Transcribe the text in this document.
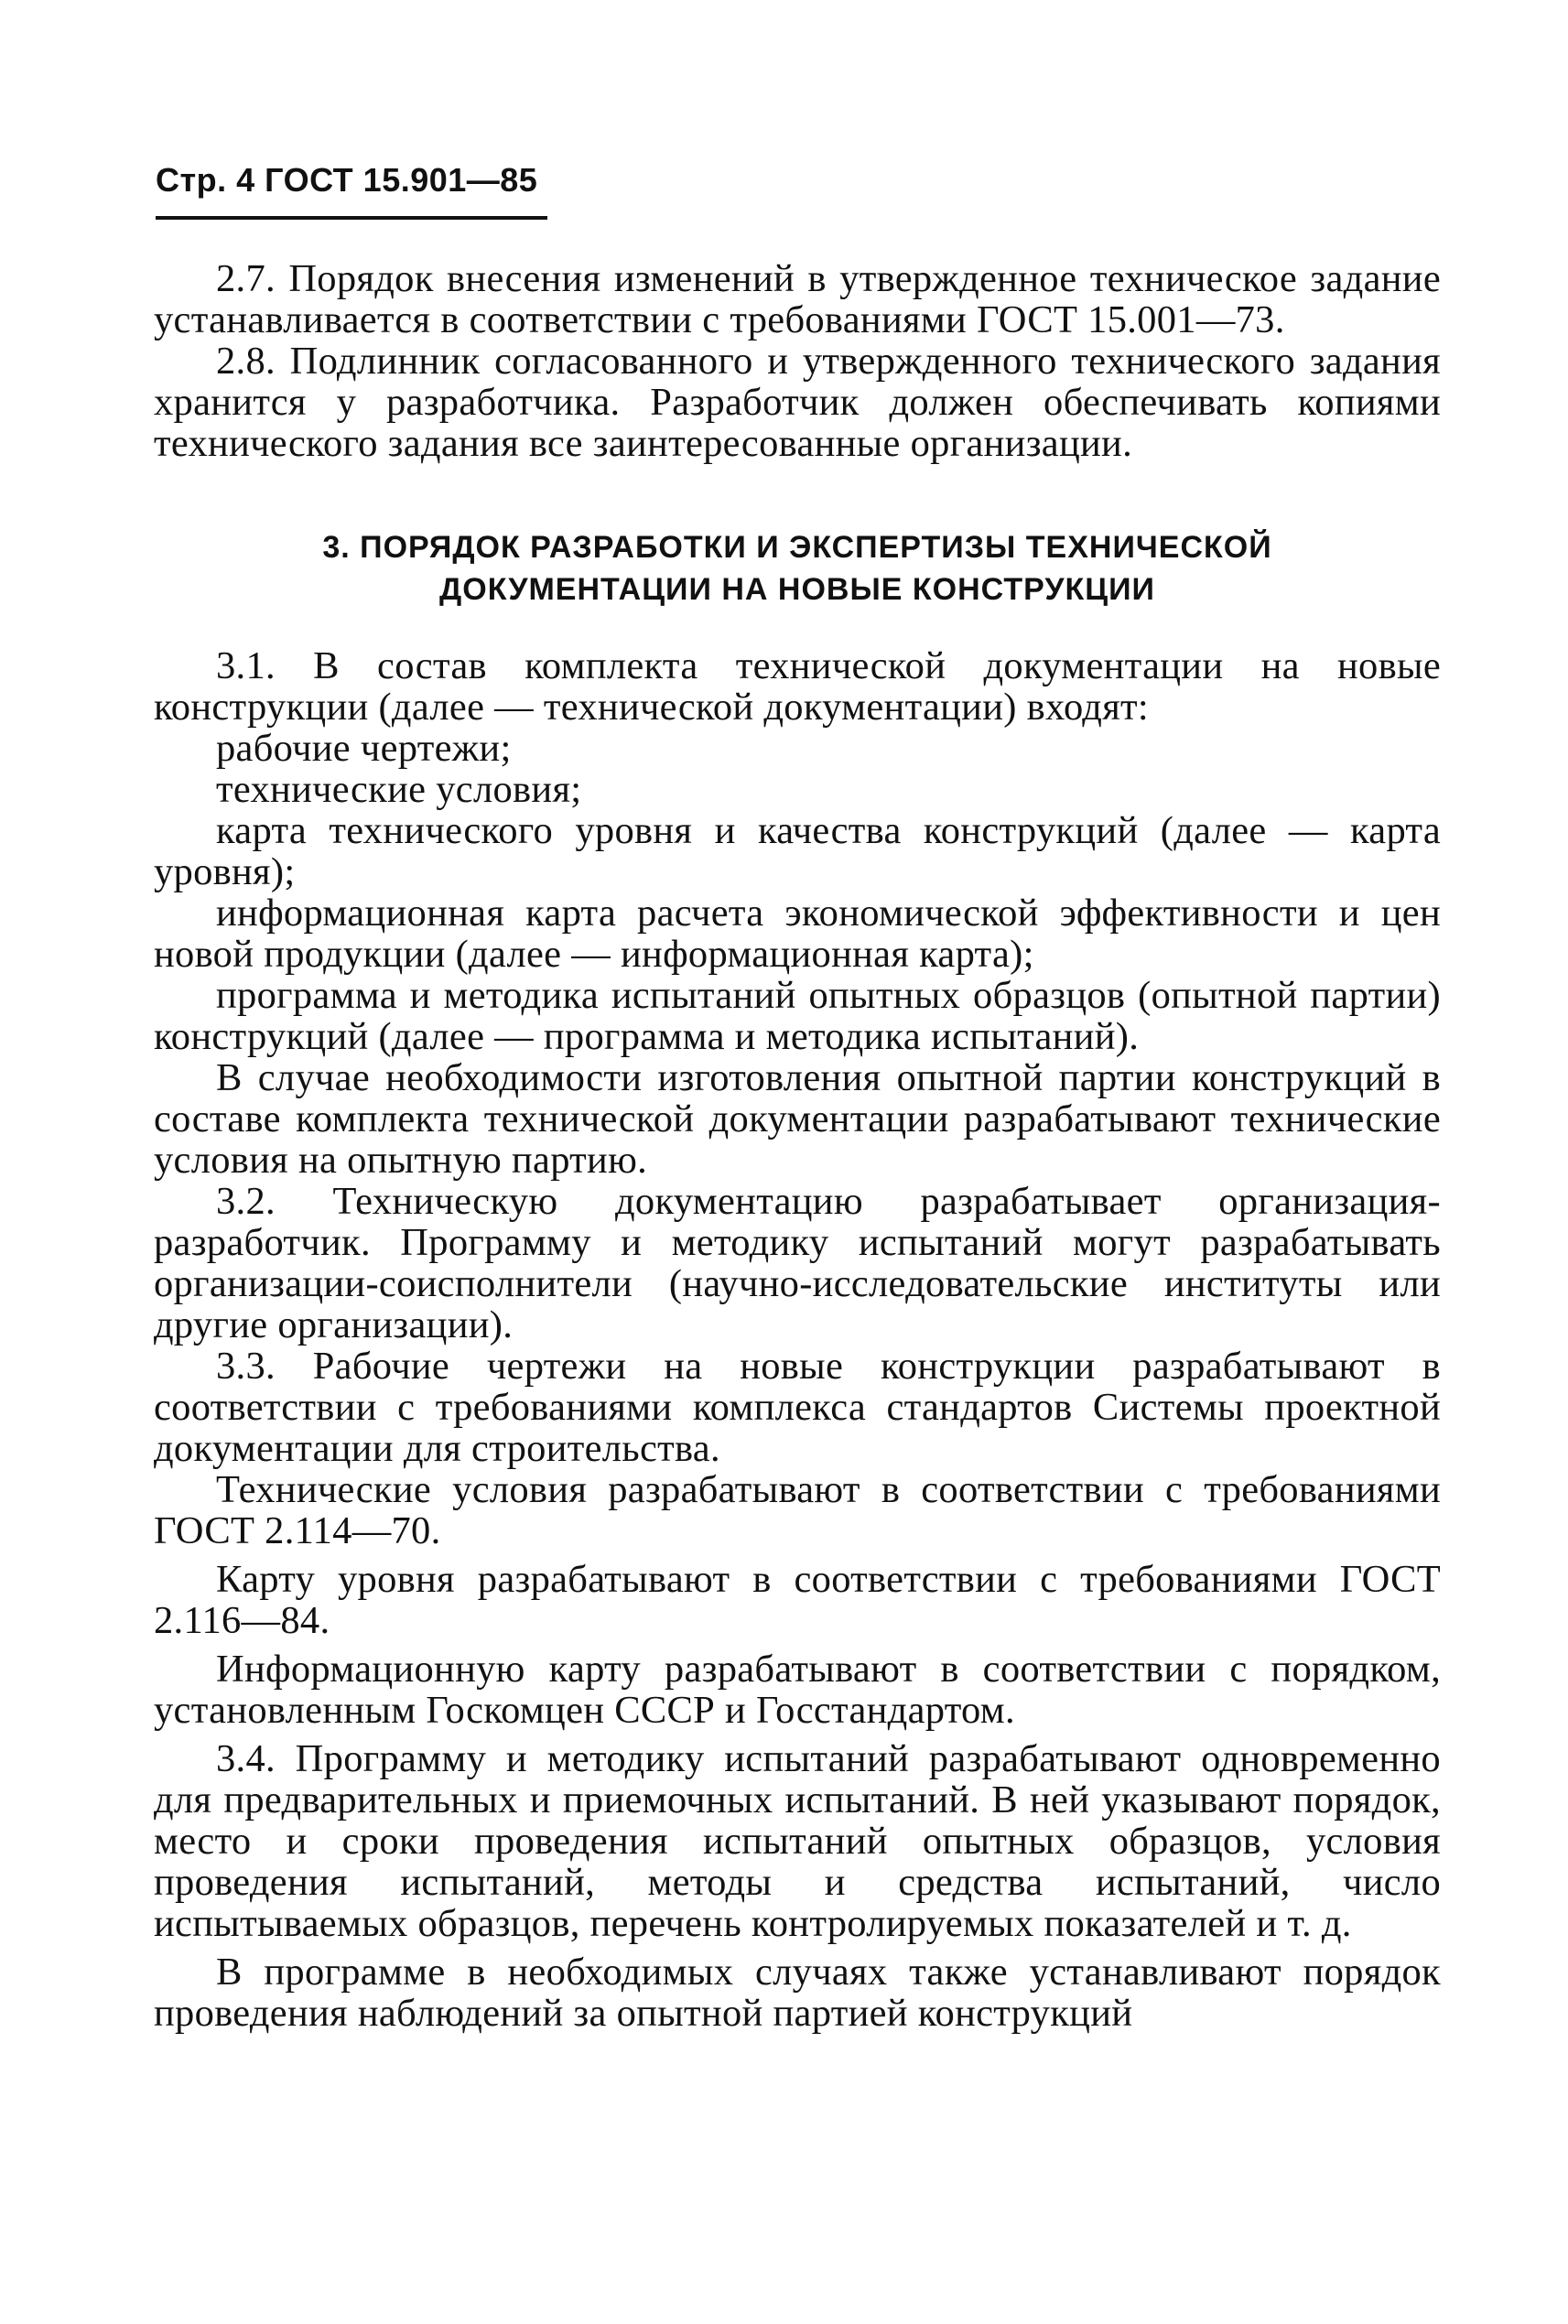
Стр. 4 ГОСТ 15.901—85

2.7. Порядок внесения изменений в утвержденное техническое задание устанавливается в соответствии с требованиями ГОСТ 15.001—73.

2.8. Подлинник согласованного и утвержденного технического задания хранится у разработчика. Разработчик должен обеспечивать копиями технического задания все заинтересованные организации.

3. ПОРЯДОК РАЗРАБОТКИ И ЭКСПЕРТИЗЫ ТЕХНИЧЕСКОЙ
ДОКУМЕНТАЦИИ НА НОВЫЕ КОНСТРУКЦИИ

3.1. В состав комплекта технической документации на новые конструкции (далее — технической документации) входят:

рабочие чертежи;

технические условия;

карта технического уровня и качества конструкций (далее — карта уровня);

информационная карта расчета экономической эффективности и цен новой продукции (далее — информационная карта);

программа и методика испытаний опытных образцов (опытной партии) конструкций (далее — программа и методика испытаний).

В случае необходимости изготовления опытной партии конструкций в составе комплекта технической документации разрабатывают технические условия на опытную партию.

3.2. Техническую документацию разрабатывает организация-разработчик. Программу и методику испытаний могут разрабатывать организации-соисполнители (научно-исследовательские институты или другие организации).

3.3. Рабочие чертежи на новые конструкции разрабатывают в соответствии с требованиями комплекса стандартов Системы проектной документации для строительства.

Технические условия разрабатывают в соответствии с требованиями ГОСТ 2.114—70.

Карту уровня разрабатывают в соответствии с требованиями ГОСТ 2.116—84.

Информационную карту разрабатывают в соответствии с порядком, установленным Госкомцен СССР и Госстандартом.

3.4. Программу и методику испытаний разрабатывают одновременно для предварительных и приемочных испытаний. В ней указывают порядок, место и сроки проведения испытаний опытных образцов, условия проведения испытаний, методы и средства испытаний, число испытываемых образцов, перечень контролируемых показателей и т. д.

В программе в необходимых случаях также устанавливают порядок проведения наблюдений за опытной партией конструкций
